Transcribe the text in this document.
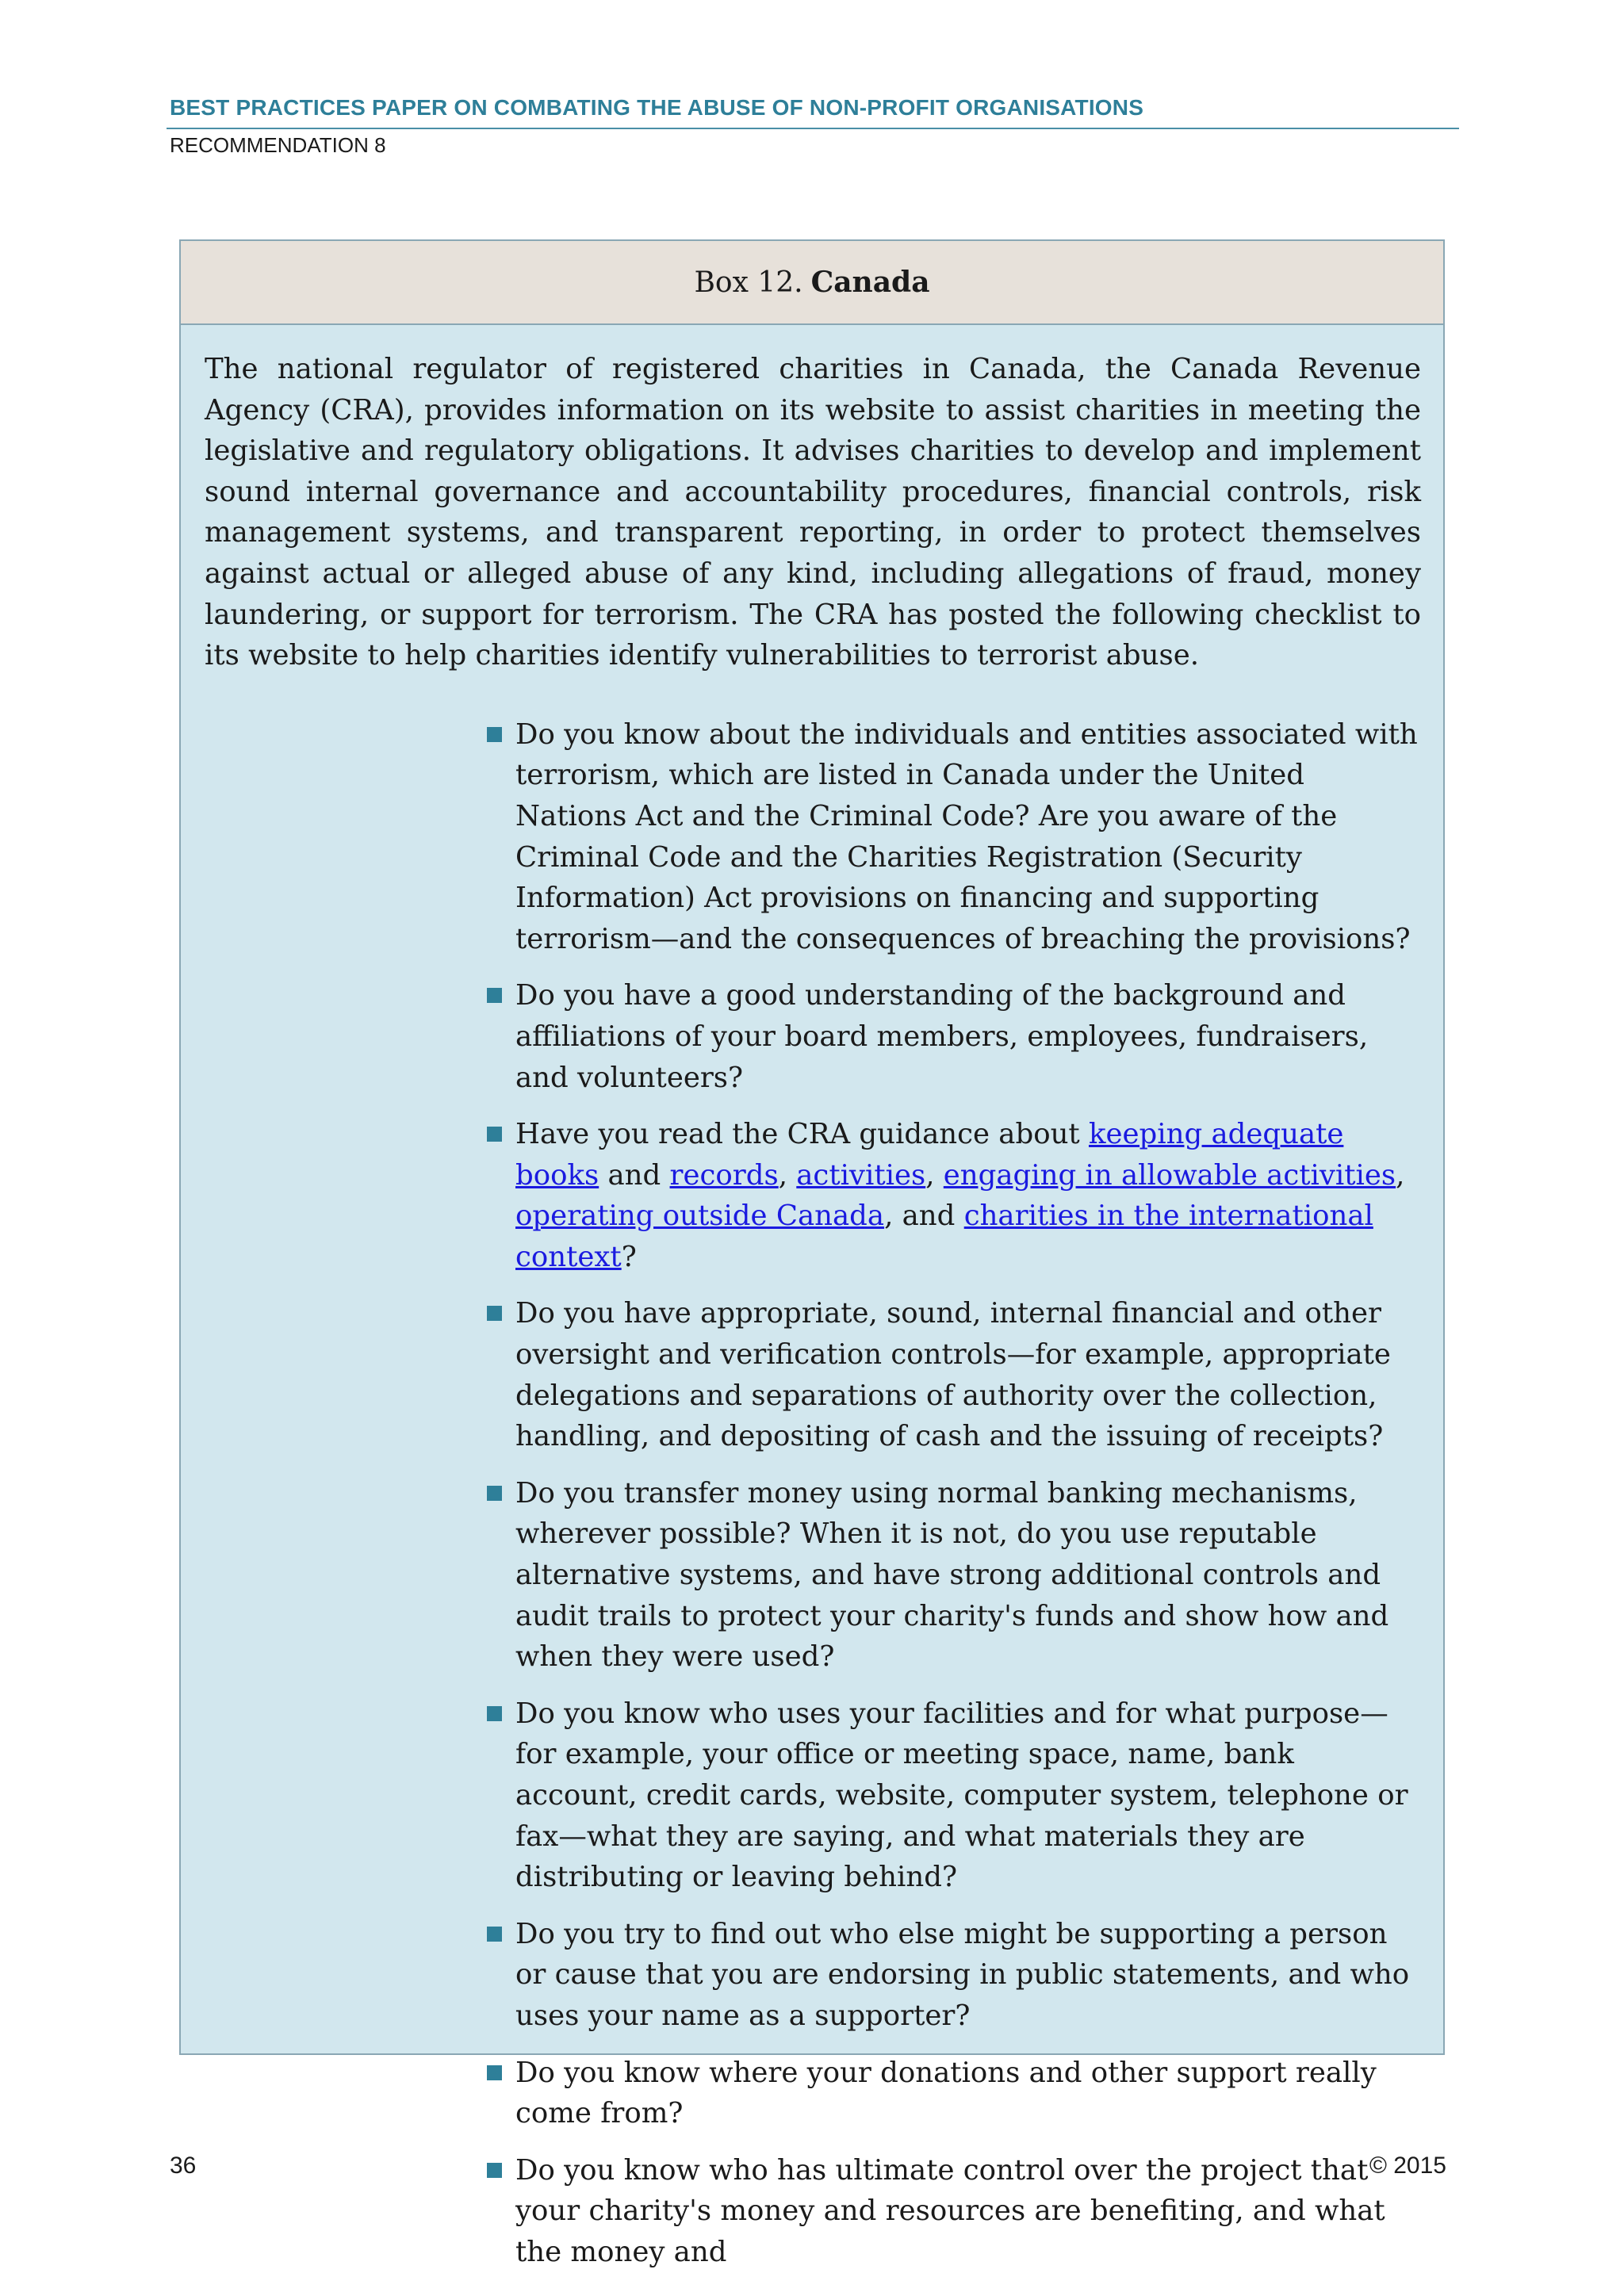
BEST PRACTICES PAPER ON COMBATING THE ABUSE OF NON-PROFIT ORGANISATIONS
RECOMMENDATION 8
Box 12. Canada

The national regulator of registered charities in Canada, the Canada Revenue Agency (CRA), provides information on its website to assist charities in meeting the legislative and regulatory obligations. It advises charities to develop and implement sound internal governance and accountability procedures, financial controls, risk management systems, and transparent reporting, in order to protect themselves against actual or alleged abuse of any kind, including allegations of fraud, money laundering, or support for terrorism. The CRA has posted the following checklist to its website to help charities identify vulnerabilities to terrorist abuse.

Do you know about the individuals and entities associated with terrorism, which are listed in Canada under the United Nations Act and the Criminal Code? Are you aware of the Criminal Code and the Charities Registration (Security Information) Act provisions on financing and supporting terrorism—and the consequences of breaching the provisions?
Do you have a good understanding of the background and affiliations of your board members, employees, fundraisers, and volunteers?
Have you read the CRA guidance about keeping adequate books and records, activities, engaging in allowable activities, operating outside Canada, and charities in the international context?
Do you have appropriate, sound, internal financial and other oversight and verification controls—for example, appropriate delegations and separations of authority over the collection, handling, and depositing of cash and the issuing of receipts?
Do you transfer money using normal banking mechanisms, wherever possible? When it is not, do you use reputable alternative systems, and have strong additional controls and audit trails to protect your charity's funds and show how and when they were used?
Do you know who uses your facilities and for what purpose—for example, your office or meeting space, name, bank account, credit cards, website, computer system, telephone or fax—what they are saying, and what materials they are distributing or leaving behind?
Do you try to find out who else might be supporting a person or cause that you are endorsing in public statements, and who uses your name as a supporter?
Do you know where your donations and other support really come from?
Do you know who has ultimate control over the project that your charity's money and resources are benefiting, and what the money and
36	© 2015
